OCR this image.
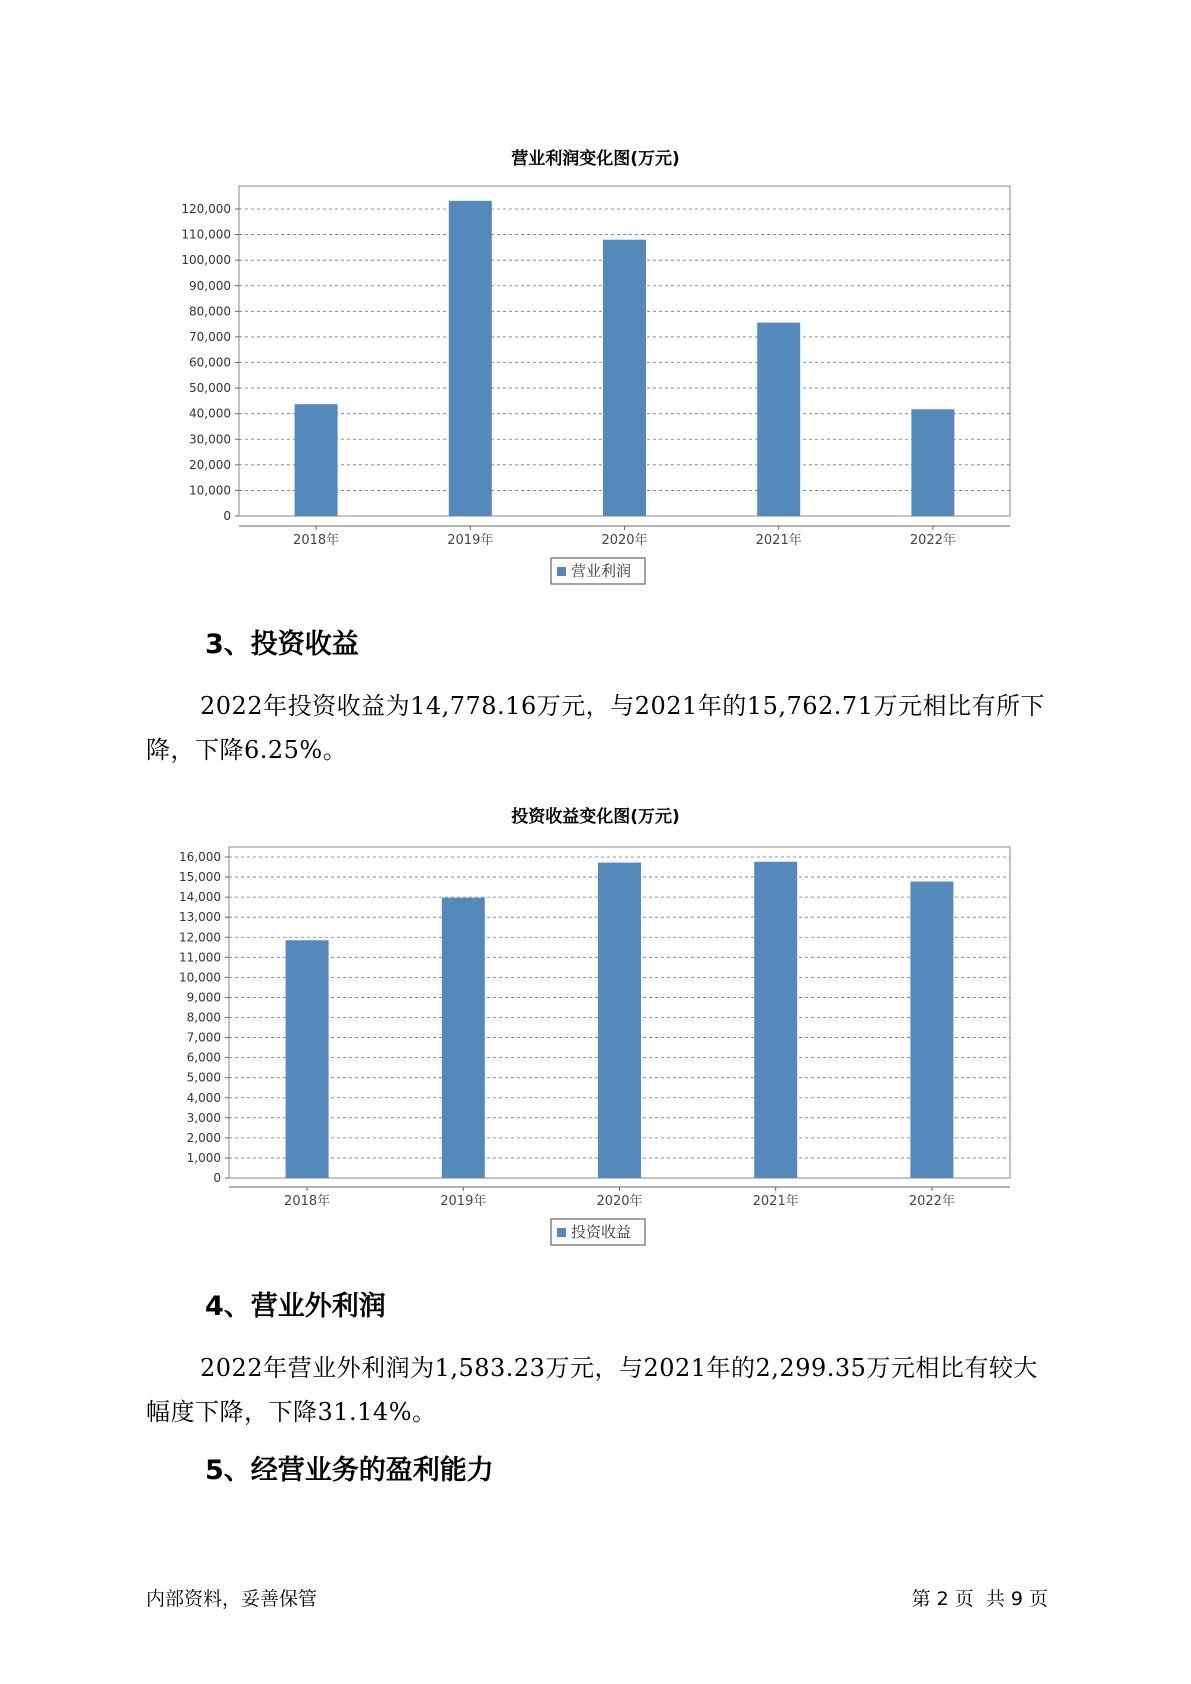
营业利润变化图(万元)
0
10,000
20,000
30,000
40,000
50,000
60,000
70,000
80,000
90,000
100,000
110,000
120,000
2018年	2019年	2020年	2021年	2022年
营业利润
3、投资收益
2022年投资收益为14,778.16万元，与2021年的15,762.71万元相比有所下降，下降6.25%。
投资收益变化图(万元)
0
1,000
2,000
3,000
4,000
5,000
6,000
7,000
8,000
9,000
10,000
11,000
12,000
13,000
14,000
15,000
16,000
2018年	2019年	2020年	2021年	2022年
投资收益
4、营业外利润
2022年营业外利润为1,583.23万元，与2021年的2,299.35万元相比有较大幅度下降，下降31.14%。
5、经营业务的盈利能力
内部资料，妥善保管	第 2 页  共 9 页
